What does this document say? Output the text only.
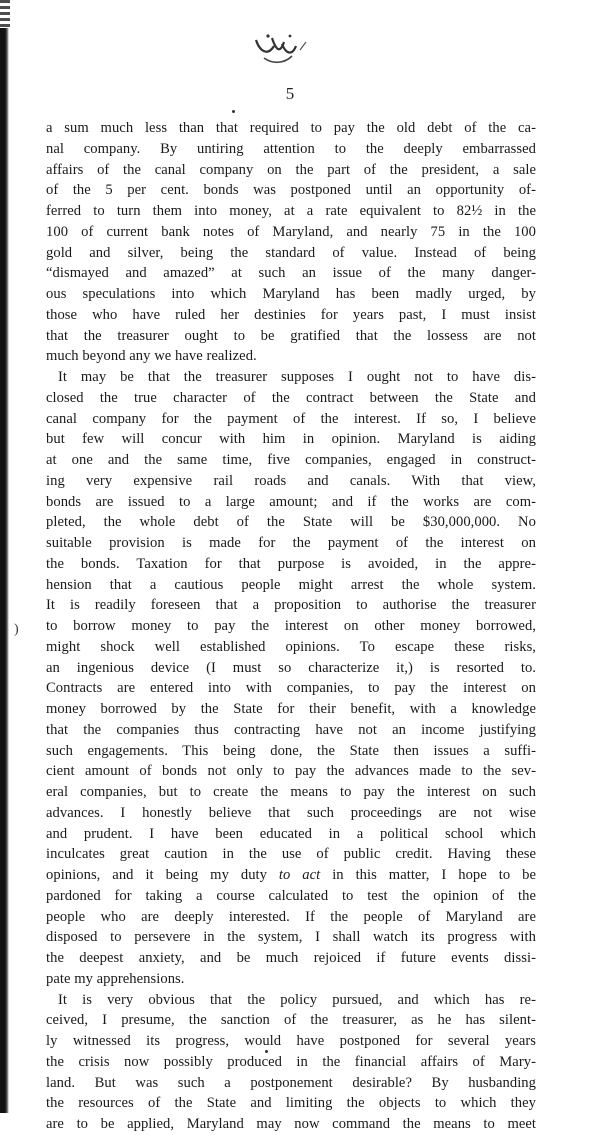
5
)
a sum much less than that required to pay the old debt of the ca-
nal company. By untiring attention to the deeply embarrassed
affairs of the canal company on the part of the president, a sale
of the 5 per cent. bonds was postponed until an opportunity of-
ferred to turn them into money, at a rate equivalent to 82½ in the
100 of current bank notes of Maryland, and nearly 75 in the 100
gold and silver, being the standard of value. Instead of being
“dismayed and amazed” at such an issue of the many danger-
ous speculations into which Maryland has been madly urged, by
those who have ruled her destinies for years past, I must insist
that the treasurer ought to be gratified that the lossess are not
much beyond any we have realized.
It may be that the treasurer supposes I ought not to have dis-
closed the true character of the contract between the State and
canal company for the payment of the interest. If so, I believe
but few will concur with him in opinion. Maryland is aiding
at one and the same time, five companies, engaged in construct-
ing very expensive rail roads and canals. With that view,
bonds are issued to a large amount; and if the works are com-
pleted, the whole debt of the State will be $30,000,000. No
suitable provision is made for the payment of the interest on
the bonds. Taxation for that purpose is avoided, in the appre-
hension that a cautious people might arrest the whole system.
It is readily foreseen that a proposition to authorise the treasurer
to borrow money to pay the interest on other money borrowed,
might shock well established opinions. To escape these risks,
an ingenious device (I must so characterize it,) is resorted to.
Contracts are entered into with companies, to pay the interest on
money borrowed by the State for their benefit, with a knowledge
that the companies thus contracting have not an income justifying
such engagements. This being done, the State then issues a suffi-
cient amount of bonds not only to pay the advances made to the sev-
eral companies, but to create the means to pay the interest on such
advances. I honestly believe that such proceedings are not wise
and prudent. I have been educated in a political school which
inculcates great caution in the use of public credit. Having these
opinions, and it being my duty to act in this matter, I hope to be
pardoned for taking a course calculated to test the opinion of the
people who are deeply interested. If the people of Maryland are
disposed to persevere in the system, I shall watch its progress with
the deepest anxiety, and be much rejoiced if future events dissi-
pate my apprehensions.
It is very obvious that the policy pursued, and which has re-
ceived, I presume, the sanction of the treasurer, as he has silent-
ly witnessed its progress, would have postponed for several years
the crisis now possibly produced in the financial affairs of Mary-
land. But was such a postponement desirable? By husbanding
the resources of the State and limiting the objects to which they
are to be applied, Maryland may now command the means to meet
